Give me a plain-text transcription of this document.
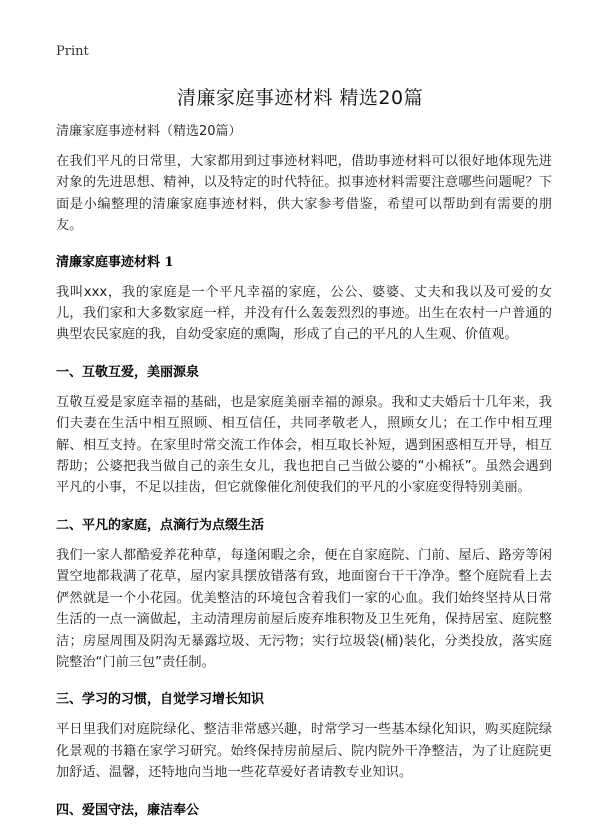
Print
清廉家庭事迹材料 精选20篇
清廉家庭事迹材料（精选20篇）

在我们平凡的日常里，大家都用到过事迹材料吧，借助事迹材料可以很好地体现先进对象的先进思想、精神，以及特定的时代特征。拟事迹材料需要注意哪些问题呢？下面是小编整理的清廉家庭事迹材料，供大家参考借鉴，希望可以帮助到有需要的朋友。

清廉家庭事迹材料 1

我叫xxx，我的家庭是一个平凡幸福的家庭，公公、婆婆、丈夫和我以及可爱的女儿，我们家和大多数家庭一样，并没有什么轰轰烈烈的事迹。出生在农村一户普通的典型农民家庭的我，自幼受家庭的熏陶，形成了自己的平凡的人生观、价值观。

一、互敬互爱，美丽源泉

互敬互爱是家庭幸福的基础，也是家庭美丽幸福的源泉。我和丈夫婚后十几年来，我们夫妻在生活中相互照顾、相互信任，共同孝敬老人，照顾女儿；在工作中相互理解、相互支持。在家里时常交流工作体会，相互取长补短，遇到困惑相互开导，相互帮助；公婆把我当做自己的亲生女儿，我也把自己当做公婆的“小棉袄”。虽然会遇到平凡的小事，不足以挂齿，但它就像催化剂使我们的平凡的小家庭变得特别美丽。

二、平凡的家庭，点滴行为点缀生活

我们一家人都酷爱养花种草，每逢闲暇之余，便在自家庭院、门前、屋后、路旁等闲置空地都栽满了花草，屋内家具摆放错落有致，地面窗台干干净净。整个庭院看上去俨然就是一个小花园。优美整洁的环境包含着我们一家的心血。我们始终坚持从日常生活的一点一滴做起，主动清理房前屋后废弃堆积物及卫生死角，保持居室、庭院整洁；房屋周围及阴沟无暴露垃圾、无污物；实行垃圾袋(桶)装化，分类投放，落实庭院整治“门前三包”责任制。

三、学习的习惯，自觉学习增长知识

平日里我们对庭院绿化、整洁非常感兴趣，时常学习一些基本绿化知识，购买庭院绿化景观的书籍在家学习研究。始终保持房前屋后、院内院外干净整洁，为了让庭院更加舒适、温馨，还特地向当地一些花草爱好者请教专业知识。

四、爱国守法，廉洁奉公
